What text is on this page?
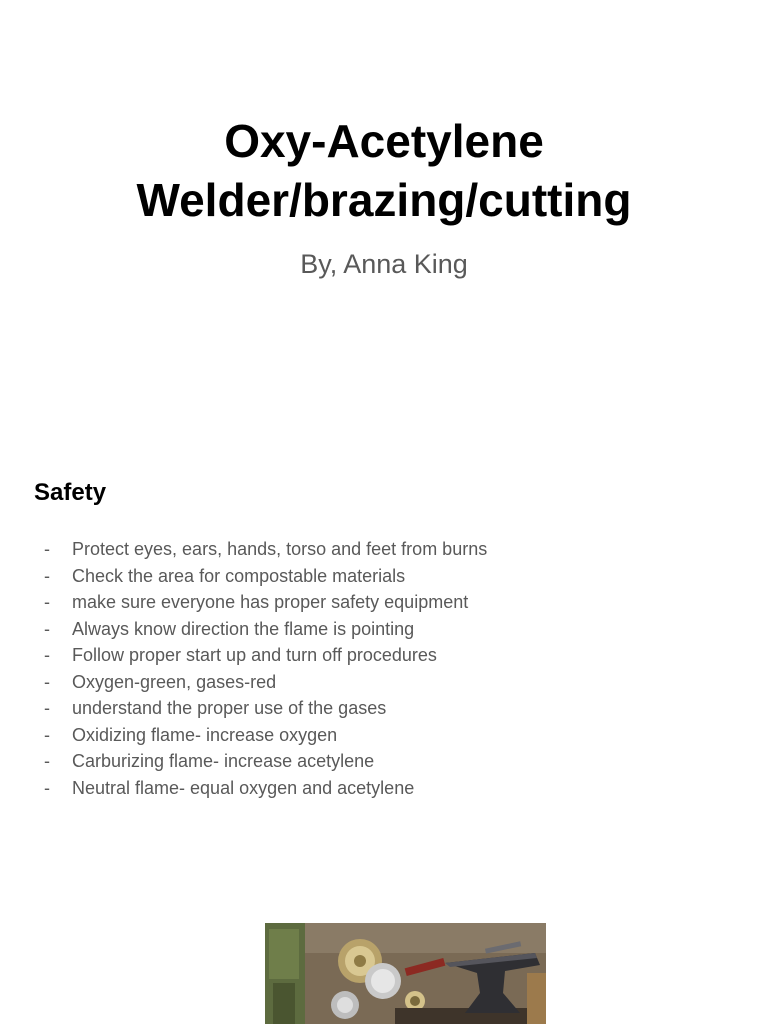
Oxy-Acetylene
Welder/brazing/cutting

By, Anna King

Safety
- Protect eyes, ears, hands, torso and feet from burns
- Check the area for compostable materials
- make sure everyone has proper safety equipment
- Always know direction the flame is pointing
- Follow proper start up and turn off procedures
- Oxygen-green, gases-red
- understand the proper use of the gases
- Oxidizing flame- increase oxygen
- Carburizing flame- increase acetylene
- Neutral flame- equal oxygen and acetylene
